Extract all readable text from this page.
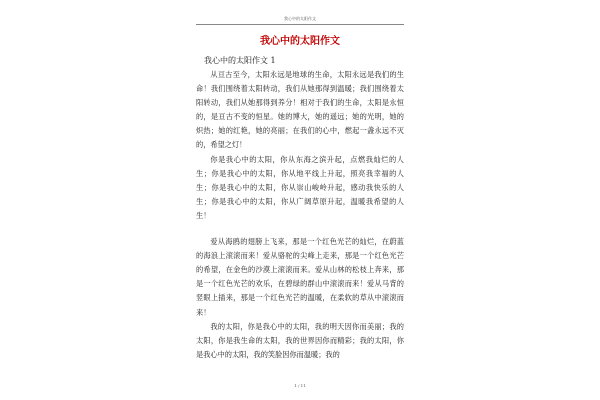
我心中的太阳作文
我心中的太阳作文
我心中的太阳作文 1

从亘古至今，太阳永远是地球的生命，太阳永远是我们的生命！我们围绕着太阳转动，我们从她那得到温暖；我们围绕着太阳转动，我们从她那得到养分！相对于我们的生命，太阳是永恒的，是亘古不变的恒星。她的博大，她的遥远；她的光明，她的炽热；她的红艳，她的亮丽；在我们的心中，燃起一盏永远不灭的，希望之灯！

你是我心中的太阳，你从东海之滨升起，点燃我灿烂的人生；你是我心中的太阳，你从地平线上升起，照亮我幸福的人生；你是我心中的太阳，你从崇山峻岭升起，感动我快乐的人生；你是我心中的太阳，你从广阔草原升起，温暖我希望的人生！

爱从海鸥的翅膀上飞来，那是一个红色光芒的灿烂，在蔚蓝的海浪上滚滚而来！爱从骆驼的尖峰上走来，那是一个红色光芒的希望，在金色的沙漠上滚滚而来。爱从山林的松枝上奔来，那是一个红色光芒的欢乐，在碧绿的群山中滚滚而来！爱从马背的竖眼上插来，那是一个红色光芒的温暖，在柔软的草从中滚滚而来！

我的太阳，你是我心中的太阳，我的明天因你而美丽；我的太阳，你是我生命的太阳，我的世界因你而精彩；我的太阳，你是我心中的太阳，我的笑脸因你而温暖；我的

1 / 11
